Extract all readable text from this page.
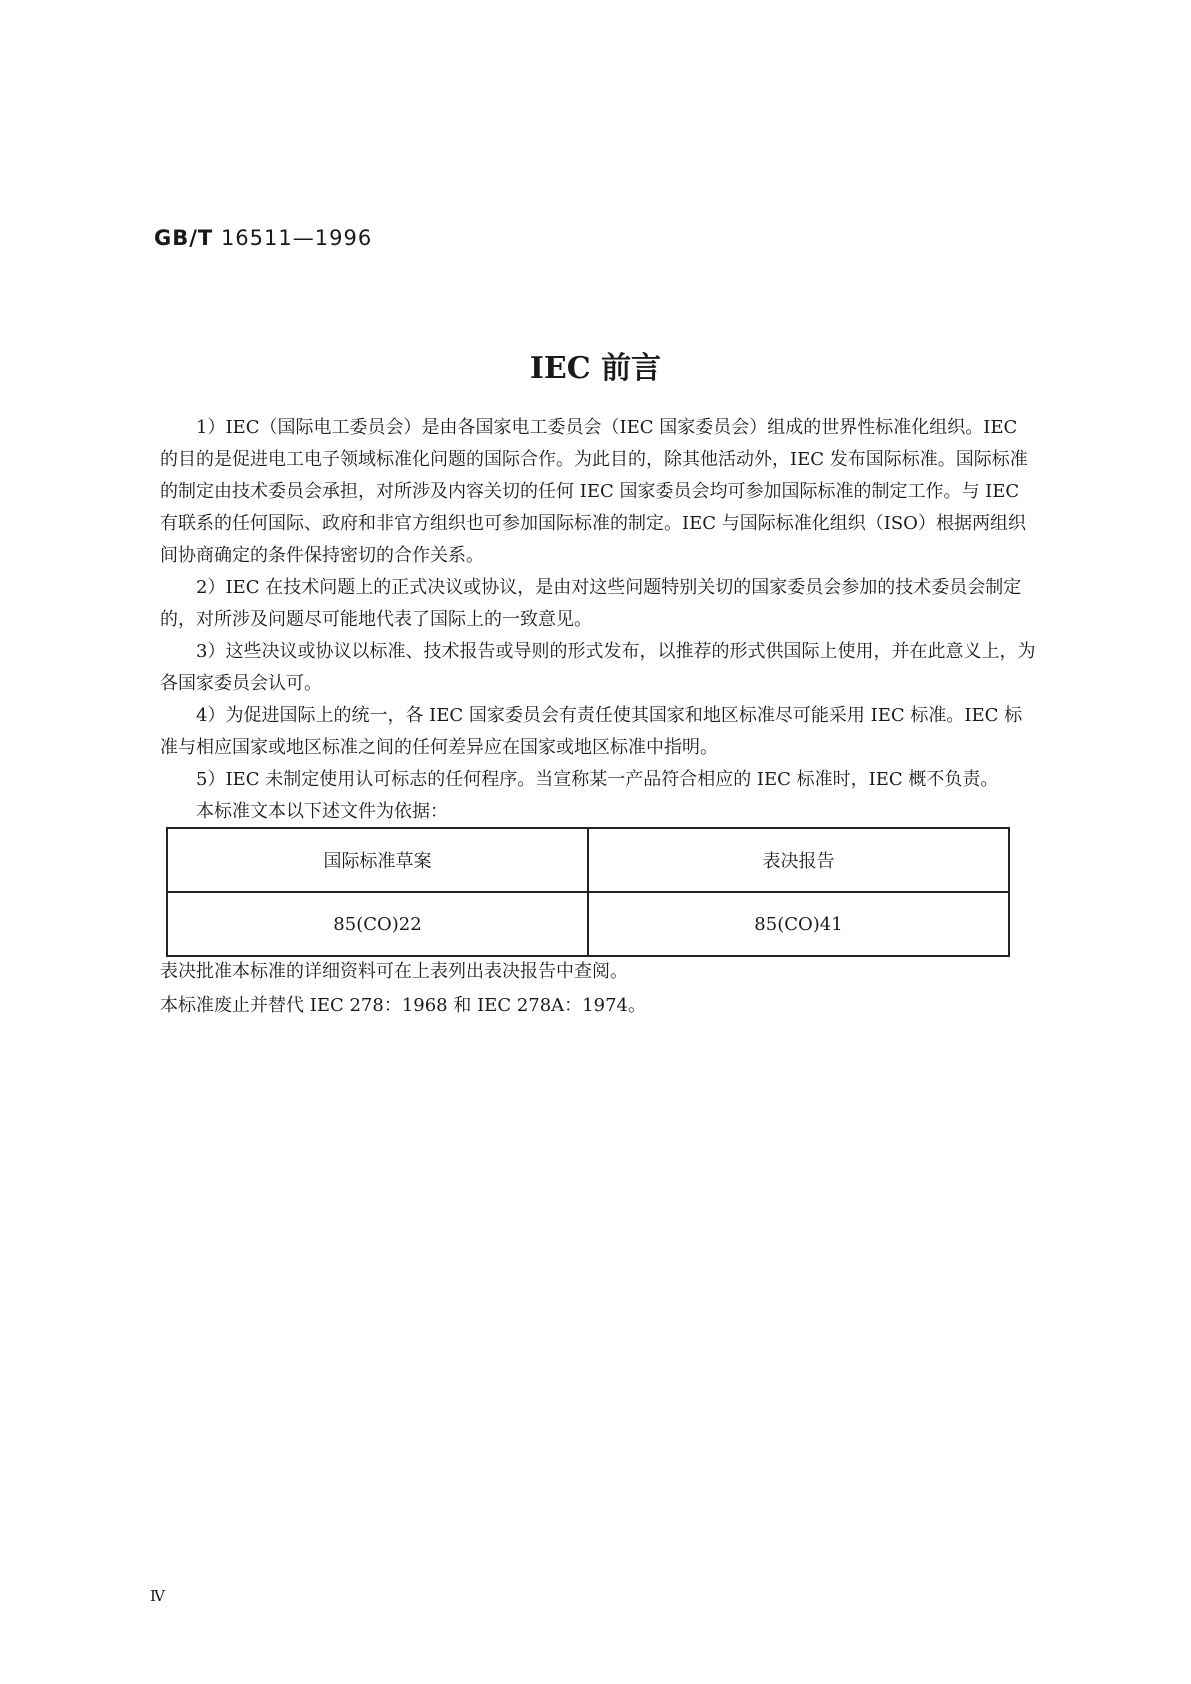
GB/T 16511—1996
IEC 前言

1）IEC（国际电工委员会）是由各国家电工委员会（IEC 国家委员会）组成的世界性标准化组织。IEC 的目的是促进电工电子领域标准化问题的国际合作。为此目的，除其他活动外，IEC 发布国际标准。国际标准的制定由技术委员会承担，对所涉及内容关切的任何 IEC 国家委员会均可参加国际标准的制定工作。与 IEC 有联系的任何国际、政府和非官方组织也可参加国际标准的制定。IEC 与国际标准化组织（ISO）根据两组织间协商确定的条件保持密切的合作关系。

2）IEC 在技术问题上的正式决议或协议，是由对这些问题特别关切的国家委员会参加的技术委员会制定的，对所涉及问题尽可能地代表了国际上的一致意见。

3）这些决议或协议以标准、技术报告或导则的形式发布，以推荐的形式供国际上使用，并在此意义上，为各国家委员会认可。

4）为促进国际上的统一，各 IEC 国家委员会有责任使其国家和地区标准尽可能采用 IEC 标准。IEC 标准与相应国家或地区标准之间的任何差异应在国家或地区标准中指明。

5）IEC 未制定使用认可标志的任何程序。当宣称某一产品符合相应的 IEC 标准时，IEC 概不负责。

本标准文本以下述文件为依据：

国际标准草案	表决报告
85(CO)22	85(CO)41

表决批准本标准的详细资料可在上表列出表决报告中查阅。

本标准废止并替代 IEC 278：1968 和 IEC 278A：1974。

Ⅳ
